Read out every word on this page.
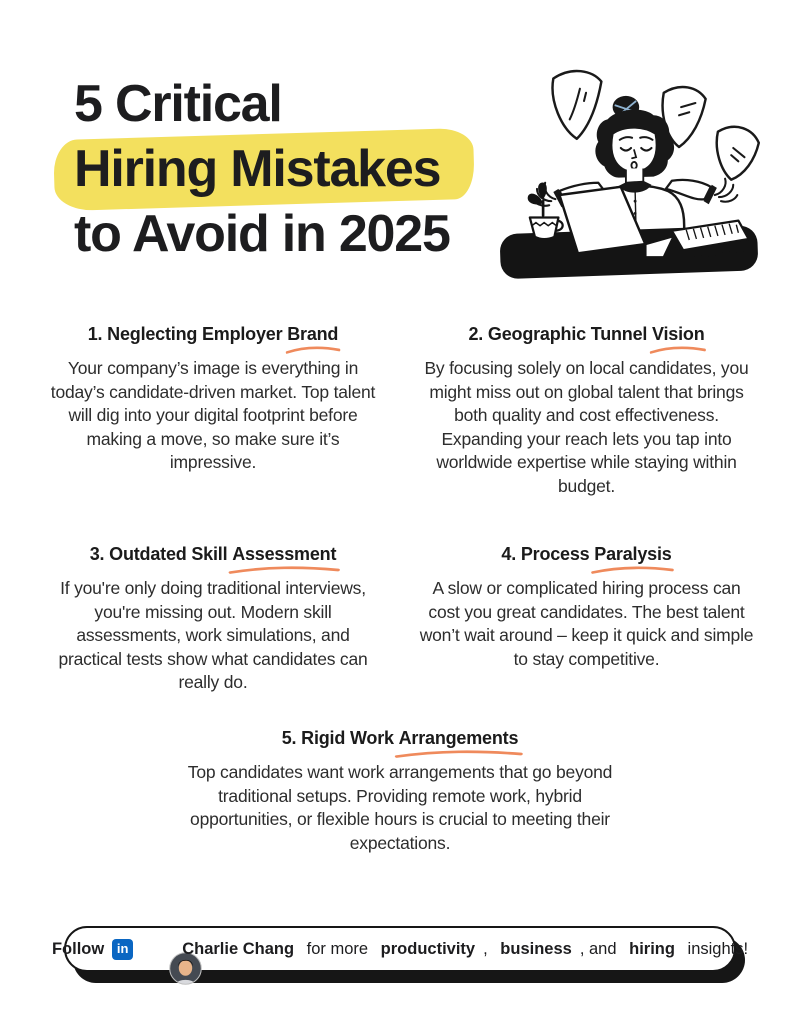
5 Critical
Hiring Mistakes
to Avoid in 2025
1. Neglecting Employer Brand

Your company’s image is everything in today’s candidate-driven market. Top talent will dig into your digital footprint before making a move, so make sure it’s impressive.

2. Geographic Tunnel Vision

By focusing solely on local candidates, you might miss out on global talent that brings both quality and cost effectiveness. Expanding your reach lets you tap into worldwide expertise while staying within budget.

3. Outdated Skill Assessment

If you're only doing traditional interviews, you're missing out. Modern skill assessments, work simulations, and practical tests show what candidates can really do.

4. Process Paralysis

A slow or complicated hiring process can cost you great candidates. The best talent won’t wait around – keep it quick and simple to stay competitive.

5. Rigid Work Arrangements

Top candidates want work arrangements that go beyond traditional setups. Providing remote work, hybrid opportunities, or flexible hours is crucial to meeting their expectations.

Follow in

	Charlie Chang for more productivity , business , and hiring insights!
